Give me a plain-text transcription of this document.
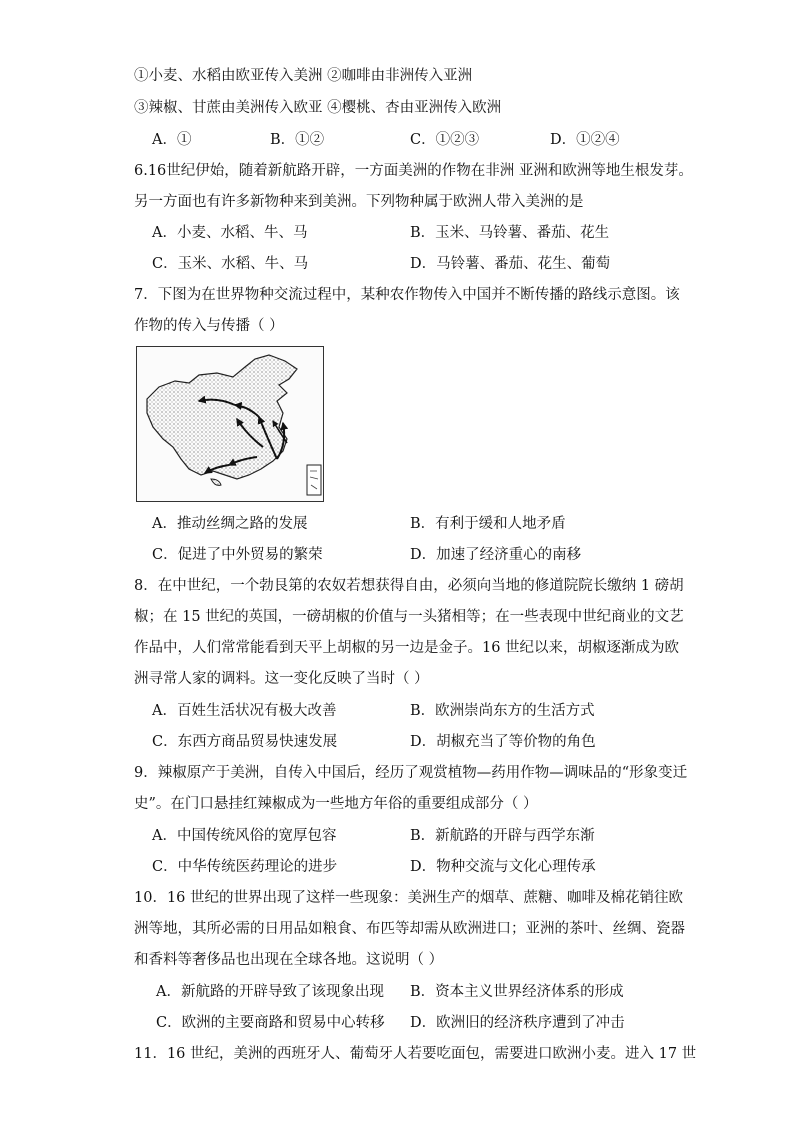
①小麦、水稻由欧亚传入美洲 ②咖啡由非洲传入亚洲
③辣椒、甘蔗由美洲传入欧亚 ④樱桃、杏由亚洲传入欧洲
A．①	B．①②	C．①②③	D．①②④
6.16世纪伊始，随着新航路开辟，一方面美洲的作物在非洲 亚洲和欧洲等地生根发芽。
另一方面也有许多新物种来到美洲。下列物种属于欧洲人带入美洲的是
A．小麦、水稻、牛、马	B．玉米、马铃薯、番茄、花生
C．玉米、水稻、牛、马	D．马铃薯、番茄、花生、葡萄
7．下图为在世界物种交流过程中，某种农作物传入中国并不断传播的路线示意图。该
作物的传入与传播（ ）
A．推动丝绸之路的发展	B．有利于缓和人地矛盾
C．促进了中外贸易的繁荣	D．加速了经济重心的南移
8．在中世纪，一个勃艮第的农奴若想获得自由，必须向当地的修道院院长缴纳 1 磅胡
椒；在 15 世纪的英国，一磅胡椒的价值与一头猪相等；在一些表现中世纪商业的文艺
作品中，人们常常能看到天平上胡椒的另一边是金子。16 世纪以来，胡椒逐渐成为欧
洲寻常人家的调料。这一变化反映了当时（ ）
A．百姓生活状况有极大改善	B．欧洲崇尚东方的生活方式
C．东西方商品贸易快速发展	D．胡椒充当了等价物的角色
9．辣椒原产于美洲，自传入中国后，经历了观赏植物—药用作物—调味品的“形象变迁
史”。在门口悬挂红辣椒成为一些地方年俗的重要组成部分（ ）
A．中国传统风俗的宽厚包容	B．新航路的开辟与西学东渐
C．中华传统医药理论的进步	D．物种交流与文化心理传承
10．16 世纪的世界出现了这样一些现象：美洲生产的烟草、蔗糖、咖啡及棉花销往欧
洲等地，其所必需的日用品如粮食、布匹等却需从欧洲进口；亚洲的茶叶、丝绸、瓷器
和香料等奢侈品也出现在全球各地。这说明（ ）
A．新航路的开辟导致了该现象出现 B．资本主义世界经济体系的形成
C．欧洲的主要商路和贸易中心转移 D．欧洲旧的经济秩序遭到了冲击
11．16 世纪，美洲的西班牙人、葡萄牙人若要吃面包，需要进口欧洲小麦。进入 17 世
